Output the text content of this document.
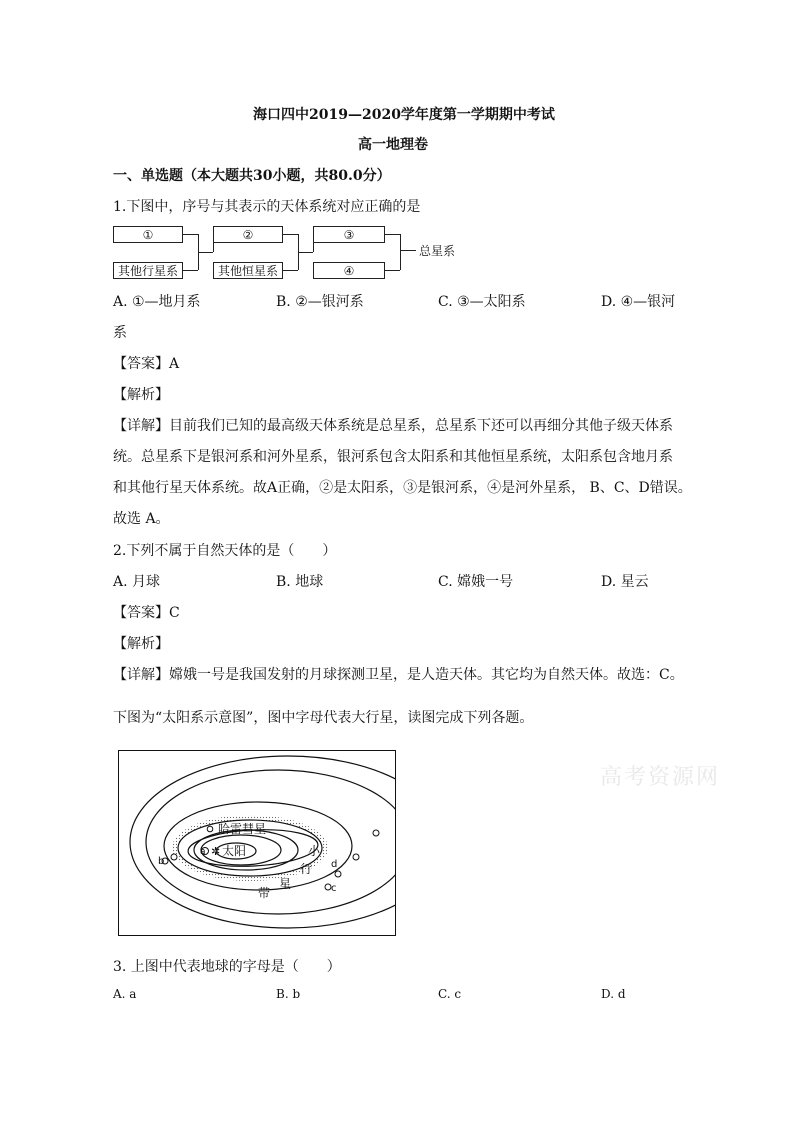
海口四中2019—2020学年度第一学期期中考试
高一地理卷
一、单选题（本大题共30小题，共80.0分）
1.下图中，序号与其表示的天体系统对应正确的是
①
其他行星系
②
其他恒星系
③
④
总星系
A. ①—地月系	B. ②—银河系	C. ③—太阳系	D. ④—银河
系
【答案】A
【解析】
【详解】目前我们已知的最高级天体系统是总星系，总星系下还可以再细分其他子级天体系
统。总星系下是银河系和河外星系，银河系包含太阳系和其他恒星系统，太阳系包含地月系
和其他行星天体系统。故A正确，②是太阳系，③是银河系，④是河外星系， B、C、D错误。
故选 A。
2.下列不属于自然天体的是（　　）
A. 月球	B. 地球	C. 嫦娥一号	D. 星云
【答案】C
【解析】
【详解】嫦娥一号是我国发射的月球探测卫星，是人造天体。其它均为自然天体。故选：C。
下图为“太阳系示意图”，图中字母代表大行星，读图完成下列各题。
哈雷彗星
a ✲ 太阳
b
c
d
小
行
星
带
高考资源网
3. 上图中代表地球的字母是（　　）
A. a	B. b	C. c	D. d
